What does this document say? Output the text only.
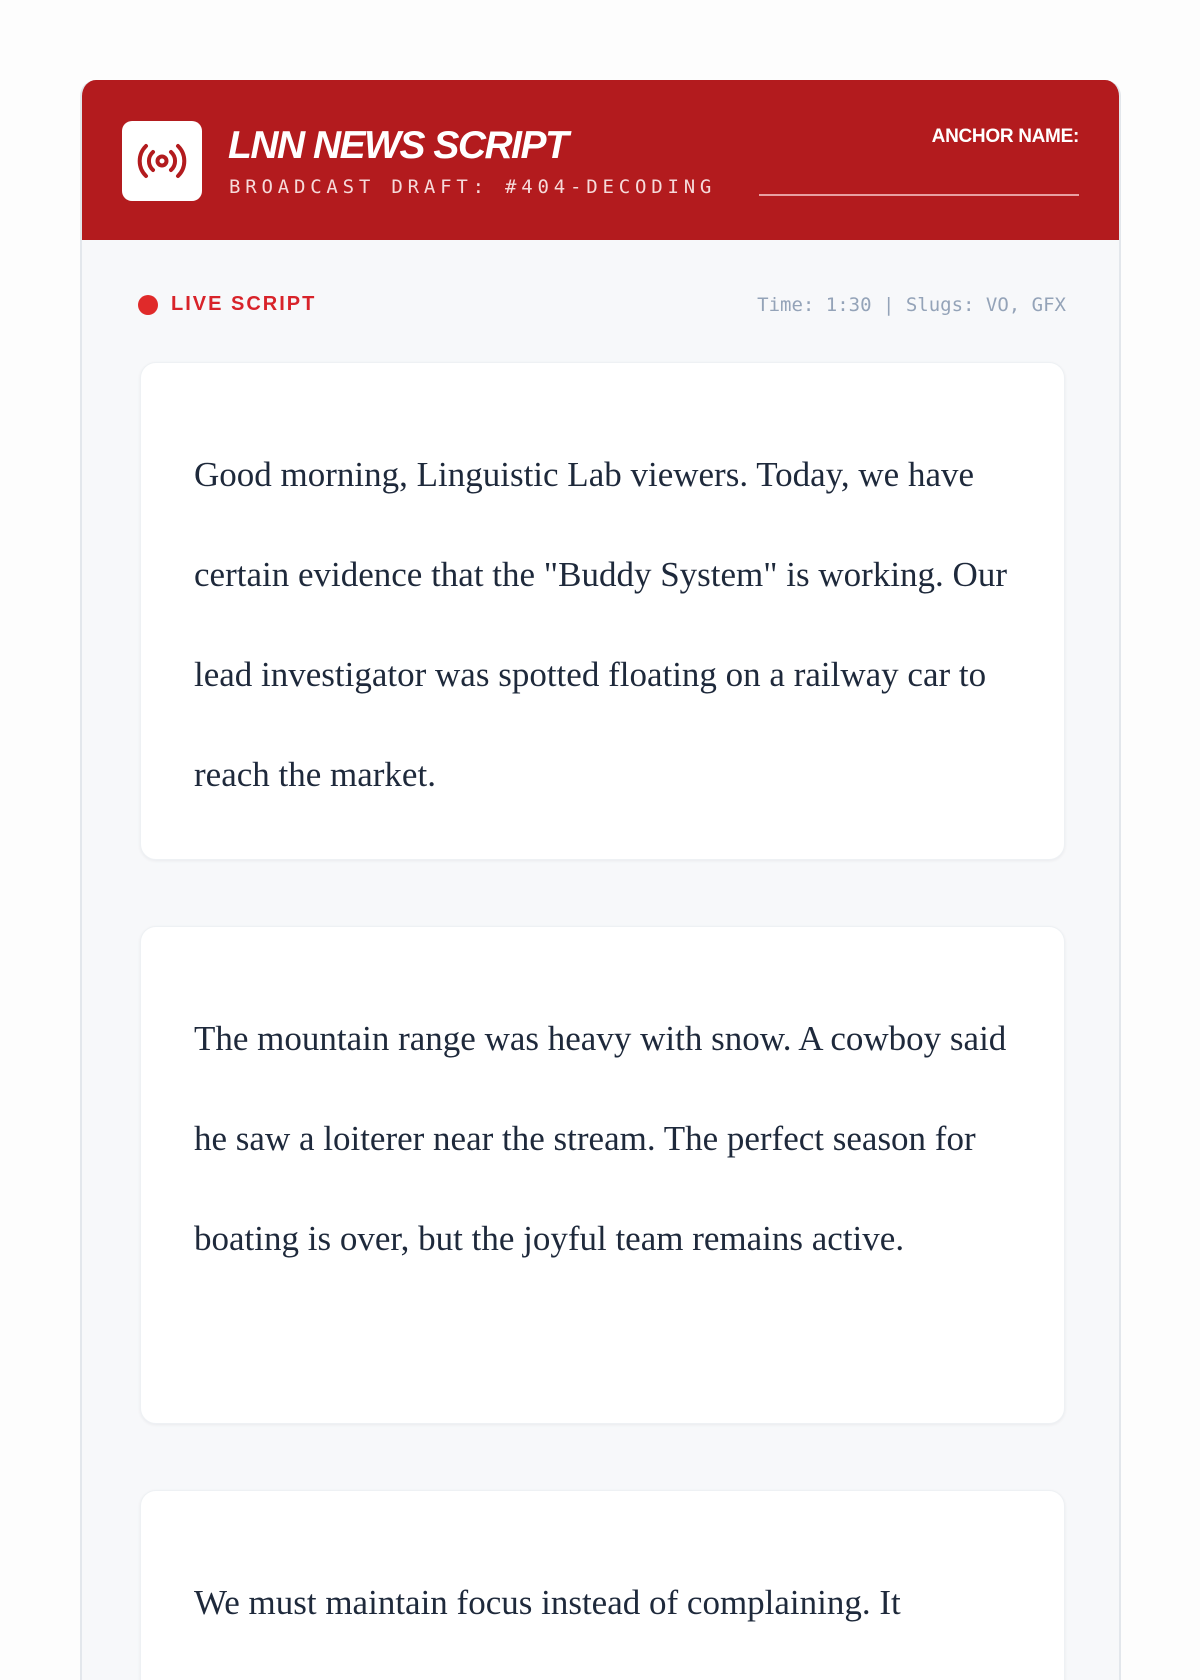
LNN NEWS SCRIPT
BROADCAST DRAFT: #404-DECODING
ANCHOR NAME:
LIVE SCRIPT	Time: 1:30 | Slugs: VO, GFX

Good morning, Linguistic Lab viewers. Today, we have certain evidence that the "Buddy System" is working. Our lead investigator was spotted floating on a railway car to reach the market.

The mountain range was heavy with snow. A cowboy said he saw a loiterer near the stream. The perfect season for boating is over, but the joyful team remains active.

We must maintain focus instead of complaining. It
